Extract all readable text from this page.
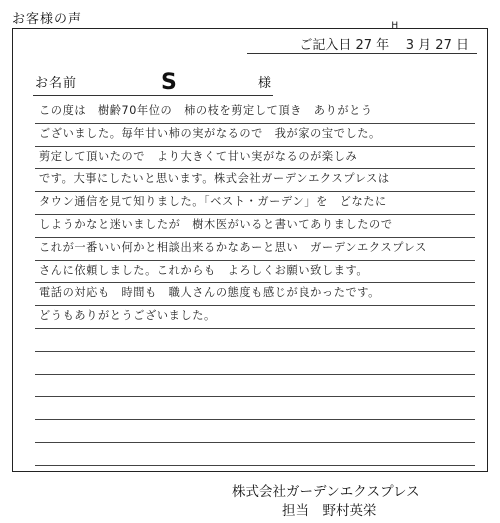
お客様の声
ご記入日
H
27 年 3 月 27 日
お名前	S	様
この度は　樹齢70年位の　柿の枝を剪定して頂き　ありがとう
ございました。毎年甘い柿の実がなるので　我が家の宝でした。
剪定して頂いたので　より大きくて甘い実がなるのが楽しみ
です。大事にしたいと思います。株式会社ガーデンエクスプレスは
タウン通信を見て知りました。「ベスト・ガーデン」を　どなたに
しようかなと迷いましたが　樹木医がいると書いてありましたので
これが一番いい何かと相談出来るかなあーと思い　ガーデンエクスプレス
さんに依頼しました。これからも　よろしくお願い致します。
電話の対応も　時間も　職人さんの態度も感じが良かったです。
どうもありがとうございました。
株式会社ガーデンエクスプレス
担当　野村英栄
